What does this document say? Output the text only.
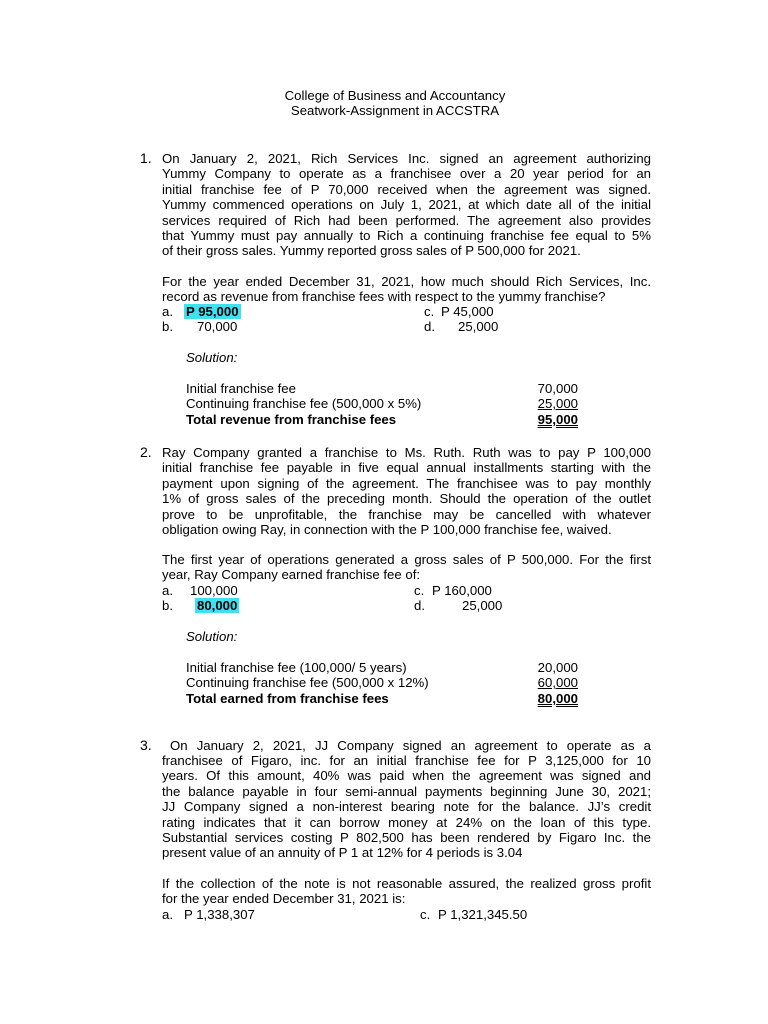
College of Business and Accountancy
Seatwork-Assignment in ACCSTRA
1. On January 2, 2021, Rich Services Inc. signed an agreement authorizing
Yummy Company to operate as a franchisee over a 20 year period for an
initial franchise fee of P 70,000 received when the agreement was signed.
Yummy commenced operations on July 1, 2021, at which date all of the initial
services required of Rich had been performed. The agreement also provides
that Yummy must pay annually to Rich a continuing franchise fee equal to 5%
of their gross sales. Yummy reported gross sales of P 500,000 for 2021.
For the year ended December 31, 2021, how much should Rich Services, Inc.
record as revenue from franchise fees with respect to the yummy franchise?
a. P 95,000
b. 70,000
c. P 45,000
d. 25,000
Solution:
Initial franchise fee	70,000
Continuing franchise fee (500,000 x 5%)	25,000
Total revenue from franchise fees	95,000
2. Ray Company granted a franchise to Ms. Ruth. Ruth was to pay P 100,000
initial franchise fee payable in five equal annual installments starting with the
payment upon signing of the agreement. The franchisee was to pay monthly
1% of gross sales of the preceding month. Should the operation of the outlet
prove to be unprofitable, the franchise may be cancelled with whatever
obligation owing Ray, in connection with the P 100,000 franchise fee, waived.
The first year of operations generated a gross sales of P 500,000. For the first
year, Ray Company earned franchise fee of:
a. 100,000
b. 80,000
c. P 160,000
d.	25,000
Solution:
Initial franchise fee (100,000/ 5 years)	20,000
Continuing franchise fee (500,000 x 12%)	60,000
Total earned from franchise fees	80,000
3. On January 2, 2021, JJ Company signed an agreement to operate as a
franchisee of Figaro, inc. for an initial franchise fee for P 3,125,000 for 10
years. Of this amount, 40% was paid when the agreement was signed and
the balance payable in four semi-annual payments beginning June 30, 2021;
JJ Company signed a non-interest bearing note for the balance. JJ’s credit
rating indicates that it can borrow money at 24% on the loan of this type.
Substantial services costing P 802,500 has been rendered by Figaro Inc. the
present value of an annuity of P 1 at 12% for 4 periods is 3.04
If the collection of the note is not reasonable assured, the realized gross profit
for the year ended December 31, 2021 is:
a. P 1,338,307	c. P 1,321,345.50
